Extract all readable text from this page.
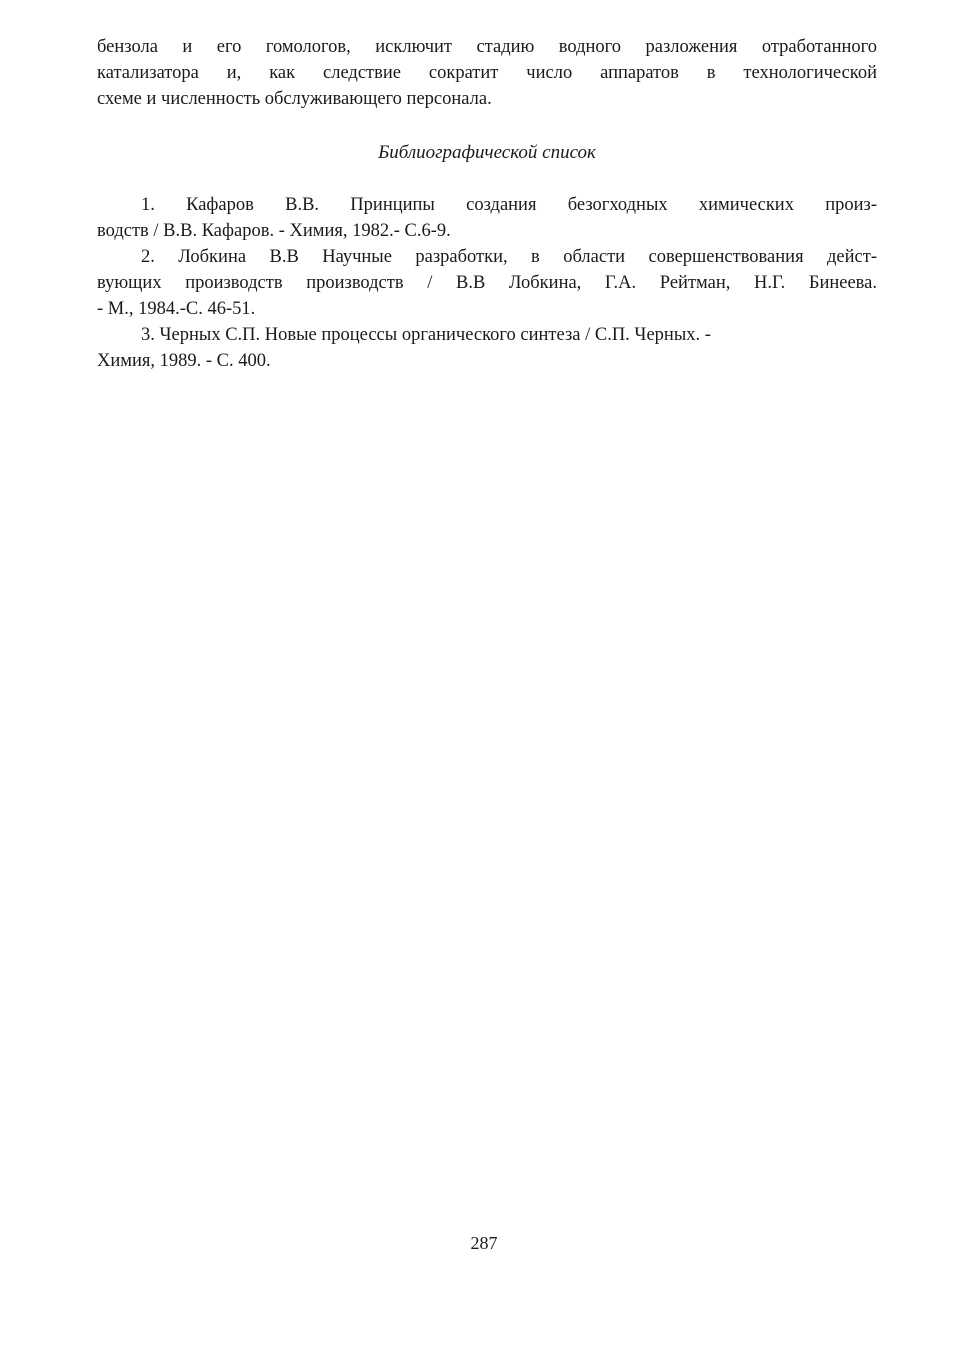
бензола и его гомологов, исключит стадию водного разложения отработанного
катализатора и, как следствие сократит число аппаратов в технологической
схеме и численность обслуживающего персонала.
Библиографической список
1. Кафаров В.В. Принципы создания безогходных химических произ-
водств / В.В. Кафаров. - Химия, 1982.- С.6-9.
2. Лобкина В.В Научные разработки, в области совершенствования дейст-
вующих производств производств / В.В Лобкина, Г.А. Рейтман, Н.Г. Бинеева.
- М., 1984.-С. 46-51.
3. Черных С.П. Новые процессы органического синтеза / С.П. Черных. -
Химия, 1989. - С. 400.
287
